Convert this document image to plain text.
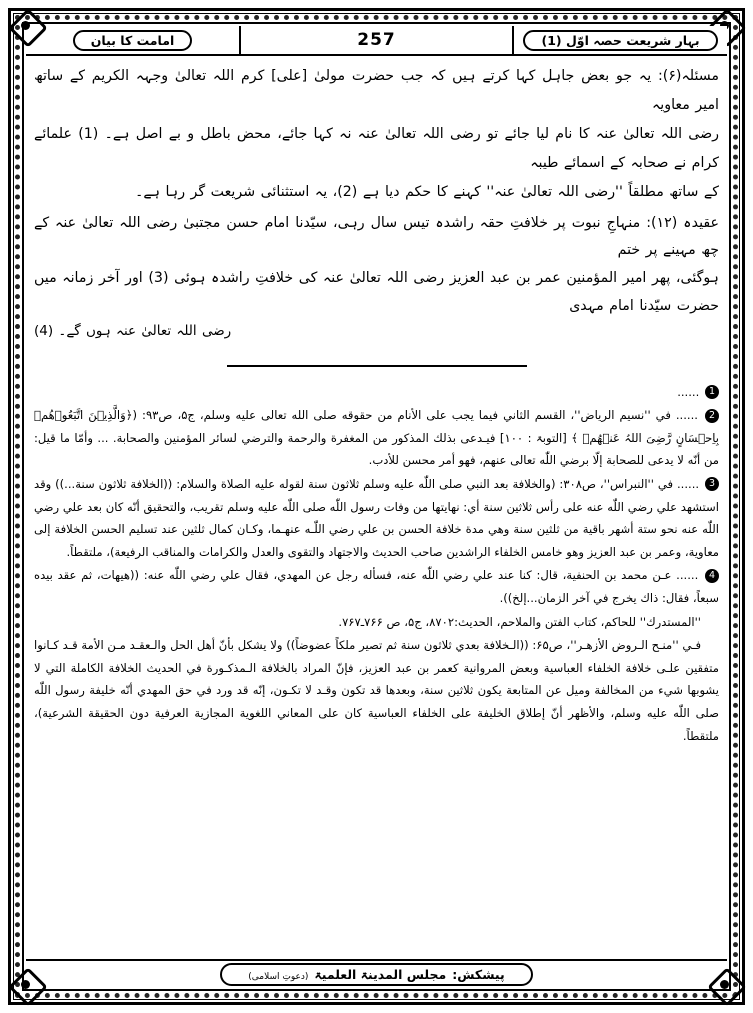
بہارِ شریعت حصہ اوّل (1)
257
امامت کا بیان
مسئلہ(۶): یہ جو بعض جاہل کہا کرتے ہیں کہ جب حضرت مولیٰ [علی] کرم اللہ تعالیٰ وجہہ الکریم کے ساتھ امیر معاویہ
رضی اللہ تعالیٰ عنہ کا نام لیا جائے تو رضی اللہ تعالیٰ عنہ نہ کہا جائے، محض باطل و بے اصل ہے۔ (1) علمائے کرام نے صحابہ کے اسمائے طیبہ
کے ساتھ مطلقاً ''رضی اللہ تعالیٰ عنہ'' کہنے کا حکم دیا ہے (2)، یہ استثنائی شریعت گر رہا ہے۔
عقیدہ (۱۲): منہاجِ نبوت پر خلافتِ حقہ راشدہ تیس سال رہی، سیّدنا امام حسن مجتبیٰ رضی اللہ تعالیٰ عنہ کے چھ مہینے پر ختم
ہوگئی، پھر امیر المؤمنین عمر بن عبد العزیز رضی اللہ تعالیٰ عنہ کی خلافتِ راشدہ ہوئی (3) اور آخر زمانہ میں حضرت سیّدنا امام مہدی
رضی اللہ تعالیٰ عنہ ہوں گے۔ (4)
1 ......
2 ...... في ''نسيم الرياض''، القسم الثاني فيما يجب على الأنام من حقوقه صلى الله تعالى عليه وسلم، ج۵، ص۹۳: (﴿وَالَّذِيۡنَ اتَّبَعُوۡهُمۡ بِاِحۡسَانٍ رَّضِیَ اللہُ عَنۡهُمۡ ﴾ [التوبۃ : ۱۰۰] فيـدعى بذلك المذكور من المغفرة والرحمة والترضي لسائر المؤمنين والصحابة. ... وأمّا ما قيل: من أنّه لا يدعى للصحابة إلّا برضي اللّٰه تعالى عنهم، فهو أمر محسن للأدب.
3 ...... في ''النبراس''، ص۳۰۸: (والخلافة بعد النبي صلى اللّٰه عليه وسلم ثلاثون سنة لقوله عليه الصلاة والسلام: ((الخلافة ثلاثون سنة...)) وقد استشهد علي رضي اللّٰه عنه على رأس ثلاثين سنة أي: نهايتها من وفات رسول اللّٰه صلى اللّٰه عليه وسلم تقريب، والتحقيق أنّه كان بعد علي رضي اللّٰه عنه نحو ستة أشهر باقية من ثلثين سنة وهي مدة خلافة الحسن بن علي رضي اللّٰـه عنهـما، وكـان كمال ثلثين عند تسليم الحسن الخلافة إلى معاوية، وعمر بن عبد العزيز وهو خامس الخلفاء الراشدين صاحب الحديث والاجتهاد والتقوى والعدل والكرامات والمناقب الرفيعة)، ملتقطاً.
4 ...... عـن محمد بن الحنفية، قال: كنا عند علي رضي اللّٰه عنه، فسأله رجل عن المهدي، فقال علي رضي اللّٰه عنه: ((هيهات، ثم عقد بيده سبعاً، فقال: ذاك يخرج في آخر الزمان...إلخ)).
''المستدرك'' للحاكم، كتاب الفتن والملاحم، الحديث:۸۷۰۲، ج۵، ص ۷۶۶ـ۷۶۷.
فـي ''منـح الـروض الأزهـر''، ص۶۵: ((الـخلافة بعدي ثلاثون سنة ثم تصير ملكاً عضوضاً)) ولا يشكل بأنّ أهل الحل والـعقـد مـن الأمة قـد كـانوا متفقين علـى خلافة الخلفاء العباسية وبعض المروانية كعمر بن عبد العزيز، فإنّ المراد بالخلافة الـمذكـورة في الحديث الخلافة الكاملة التي لا يشوبها شيء من المخالفة وميل عن المتابعة يكون ثلاثين سنة، وبعدها قد تكون وقـد لا تكـون، إنّه قد ورد في حق المهدي أنّه خليفة رسول اللّٰه صلى اللّٰه عليه وسلم، والأظهر أنّ إطلاق الخليفة على الخلفاء العباسية كان على المعاني اللغوية المجازية العرفية دون الحقيقة الشرعية)، ملتقطاً.
پیشکش:
مجلس المدینۃ العلمیۃ
(دعوتِ اسلامی)
